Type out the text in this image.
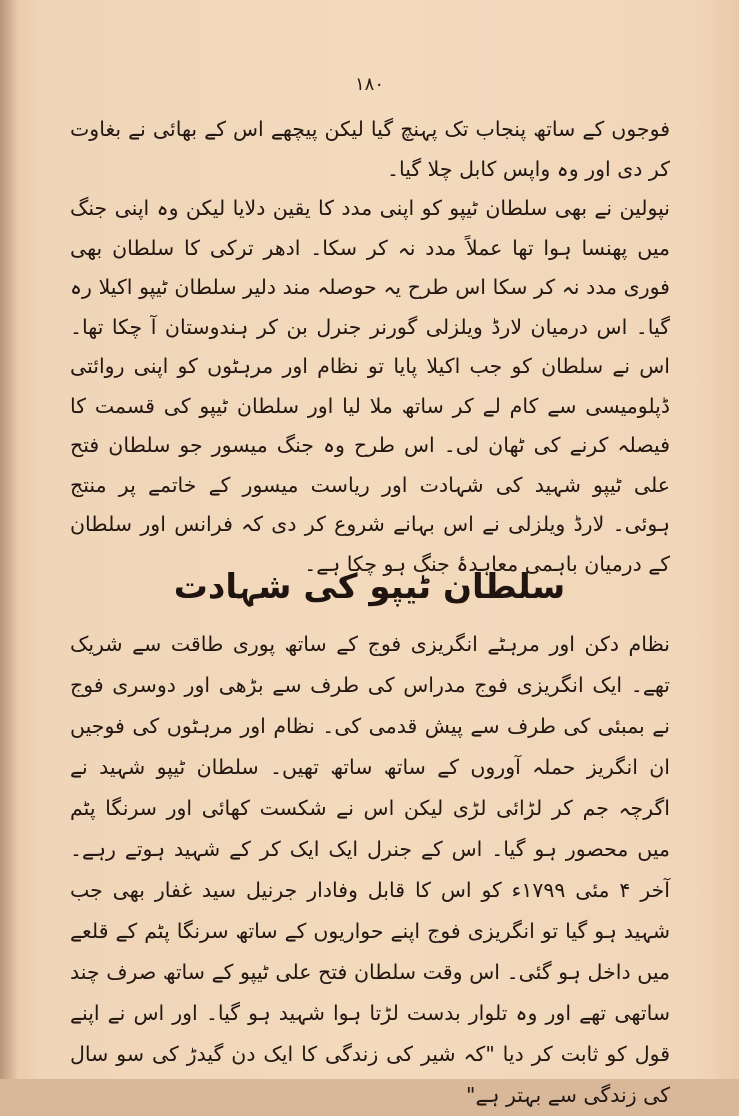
۱۸۰

فوجوں کے ساتھ پنجاب تک پہنچ گیا لیکن پیچھے اس کے بھائی نے بغاوت کر دی اور وہ واپس کابل چلا گیا۔

نپولین نے بھی سلطان ٹیپو کو اپنی مدد کا یقین دلایا لیکن وہ اپنی جنگ میں پھنسا ہوا تھا عملاً مدد نہ کر سکا۔ ادھر ترکی کا سلطان بھی فوری مدد نہ کر سکا اس طرح یہ حوصلہ مند دلیر سلطان ٹیپو اکیلا رہ گیا۔ اس درمیان لارڈ ویلزلی گورنر جنرل بن کر ہندوستان آ چکا تھا۔ اس نے سلطان کو جب اکیلا پایا تو نظام اور مرہٹوں کو اپنی روائتی ڈپلومیسی سے کام لے کر ساتھ ملا لیا اور سلطان ٹیپو کی قسمت کا فیصلہ کرنے کی ٹھان لی۔ اس طرح وہ جنگ میسور جو سلطان فتح علی ٹیپو شہید کی شہادت اور ریاست میسور کے خاتمے پر منتج ہوئی۔ لارڈ ویلزلی نے اس بہانے شروع کر دی کہ فرانس اور سلطان کے درمیان باہمی معاہدۂ جنگ ہو چکا ہے۔

سلطان ٹیپو کی شہادت

نظام دکن اور مرہٹے انگریزی فوج کے ساتھ پوری طاقت سے شریک تھے۔ ایک انگریزی فوج مدراس کی طرف سے بڑھی اور دوسری فوج نے بمبئی کی طرف سے پیش قدمی کی۔ نظام اور مرہٹوں کی فوجیں ان انگریز حملہ آوروں کے ساتھ ساتھ تھیں۔ سلطان ٹیپو شہید نے اگرچہ جم کر لڑائی لڑی لیکن اس نے شکست کھائی اور سرنگا پٹم میں محصور ہو گیا۔ اس کے جنرل ایک ایک کر کے شہید ہوتے رہے۔ آخر ۴ مئی ۱۷۹۹ء کو اس کا قابل وفادار جرنیل سید غفار بھی جب شہید ہو گیا تو انگریزی فوج اپنے حواریوں کے ساتھ سرنگا پٹم کے قلعے میں داخل ہو گئی۔ اس وقت سلطان فتح علی ٹیپو کے ساتھ صرف چند ساتھی تھے اور وہ تلوار بدست لڑتا ہوا شہید ہو گیا۔ اور اس نے اپنے قول کو ثابت کر دیا "کہ شیر کی زندگی کا ایک دن گیدڑ کی سو سال کی زندگی سے بہتر ہے"
